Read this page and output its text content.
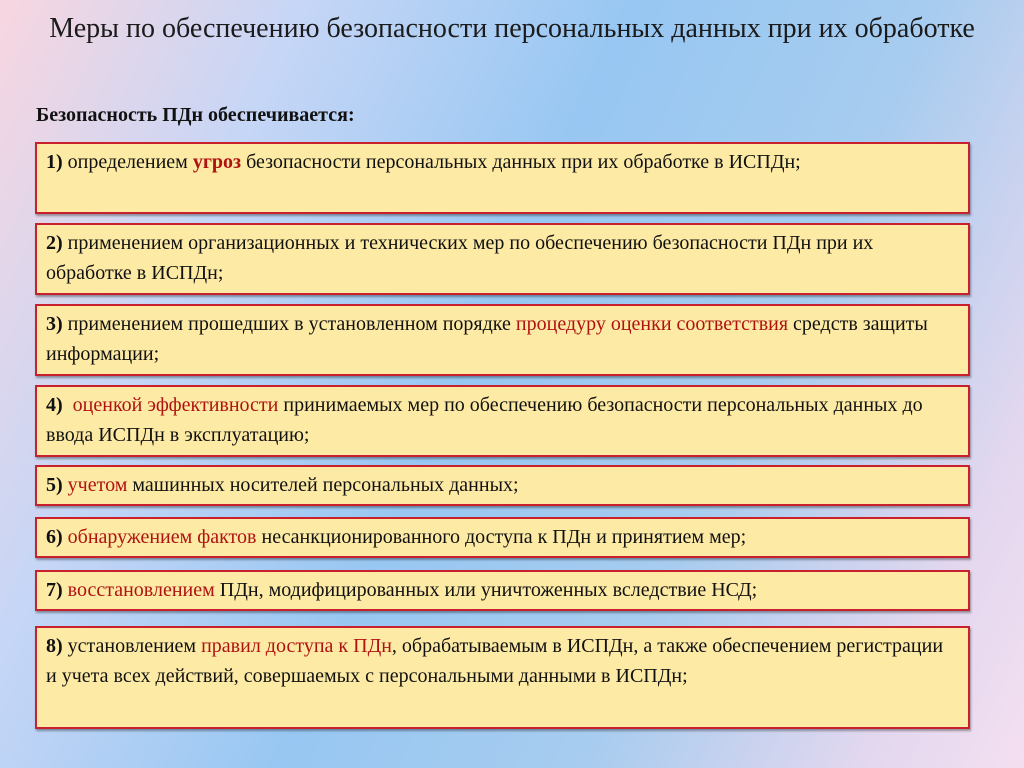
Меры по обеспечению безопасности персональных данных при их обработке
Безопасность ПДн обеспечивается:
1) определением угроз безопасности персональных данных при их обработке в ИСПДн;
2) применением организационных и технических мер по обеспечению безопасности ПДн при их обработке в ИСПДн;
3) применением прошедших в установленном порядке процедуру оценки соответствия средств защиты информации;
4) оценкой эффективности принимаемых мер по обеспечению безопасности персональных данных до ввода ИСПДн в эксплуатацию;
5) учетом машинных носителей персональных данных;
6) обнаружением фактов несанкционированного доступа к ПДн и принятием мер;
7) восстановлением ПДн, модифицированных или уничтоженных вследствие НСД;
8) установлением правил доступа к ПДн, обрабатываемым в ИСПДн, а также обеспечением регистрации и учета всех действий, совершаемых с персональными данными в ИСПДн;
